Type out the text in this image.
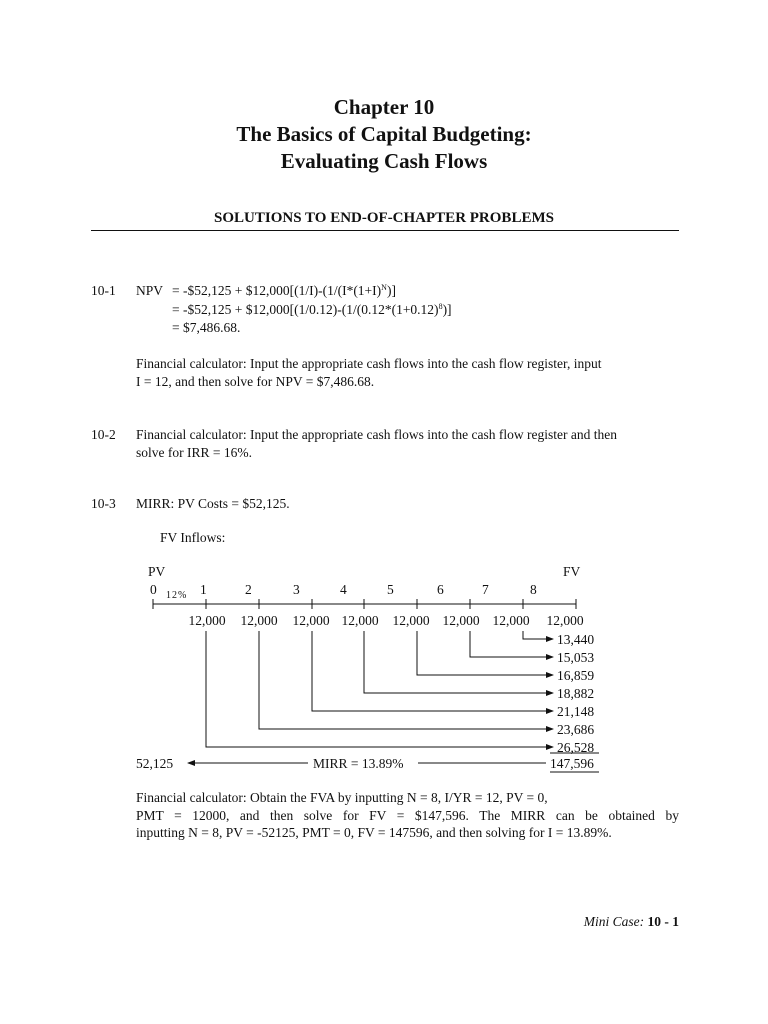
Chapter 10
The Basics of Capital Budgeting:
Evaluating Cash Flows
SOLUTIONS TO END-OF-CHAPTER PROBLEMS
10-1 NPV = -$52,125 + $\$12,000[(1/I)-(1/(I*(1+I)^N)]$
= -$52,125 + $\$12,000[(1/0.12)-(1/(0.12*(1+0.12)^8)]$
= $7,486.68.
Financial calculator: Input the appropriate cash flows into the cash flow register, input
I = 12, and then solve for NPV = $7,486.68.
10-2 Financial calculator: Input the appropriate cash flows into the cash flow register and then
solve for IRR = 16%.
10-3 MIRR: PV Costs = $52,125.
FV Inflows:
PV	FV
12%
0	1	2	3	4	5	6	7	8
12,000 12,000 12,000 12,000 12,000 12,000 12,000 12,000
13,440
15,053
16,859
18,882
21,148
23,686
26,528
147,596
52,125	MIRR = 13.89%
Financial calculator: Obtain the FVA by inputting N = 8, I/YR = 12, PV = 0,
PMT = 12000, and then solve for FV = $147,596. The MIRR can be obtained by
inputting N = 8, PV = -52125, PMT = 0, FV = 147596, and then solving for I = 13.89%.
Mini Case: 10 - 1
